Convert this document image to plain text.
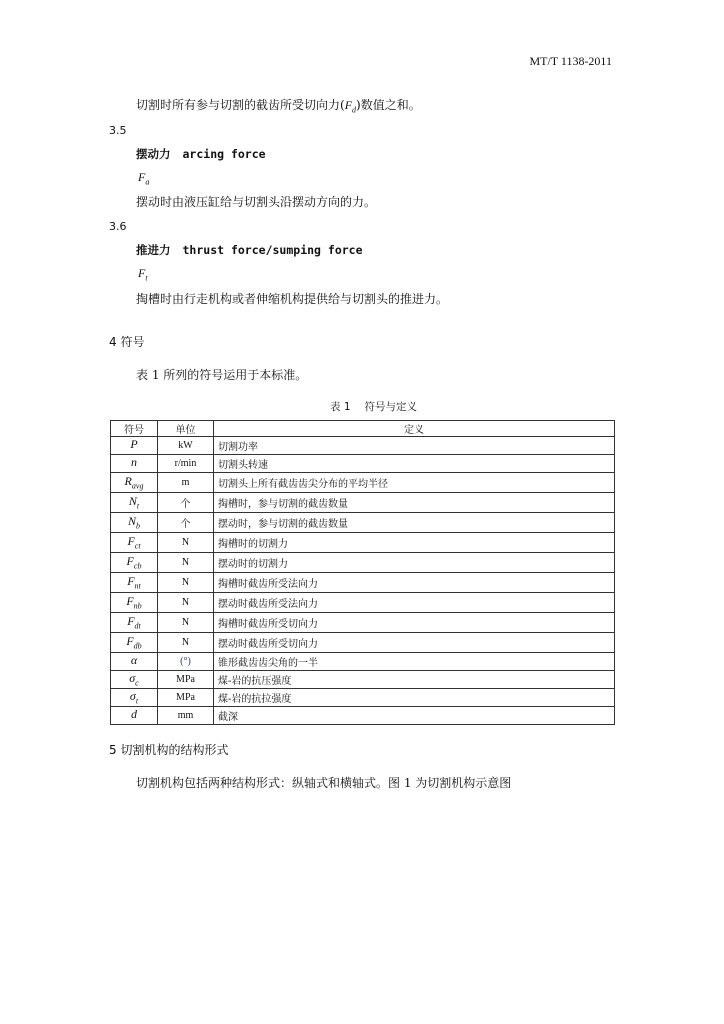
MT/T 1138-2011
切割时所有参与切割的截齿所受切向力$(F_d)$数值之和。
3.5
摆动力 arcing force
$F_a$
摆动时由液压缸给与切割头沿摆动方向的力。
3.6
推进力 thrust force/sumping force
$F_t$
掏槽时由行走机构或者伸缩机构提供给与切割头的推进力。
4 符号
表 1 所列的符号运用于本标准。
表 1 符号与定义
符号	单位	定义
P	kW	切割功率
n	r/min	切割头转速
$R_{avg}$	m	切割头上所有截齿齿尖分布的平均半径
$N_t$	个	掏槽时，参与切割的截齿数量
$N_b$	个	摆动时，参与切割的截齿数量
$F_{ct}$	N	掏槽时的切割力
$F_{cb}$	N	摆动时的切割力
$F_{nt}$	N	掏槽时截齿所受法向力
$F_{nb}$	N	摆动时截齿所受法向力
$F_{dt}$	N	掏槽时截齿所受切向力
$F_{db}$	N	摆动时截齿所受切向力
α	(°)	锥形截齿齿尖角的一半
$\sigma_c$	MPa	煤-岩的抗压强度
$\sigma_t$	MPa	煤-岩的抗拉强度
d	mm	截深
5 切割机构的结构形式
切割机构包括两种结构形式：纵轴式和横轴式。图 1 为切割机构示意图
